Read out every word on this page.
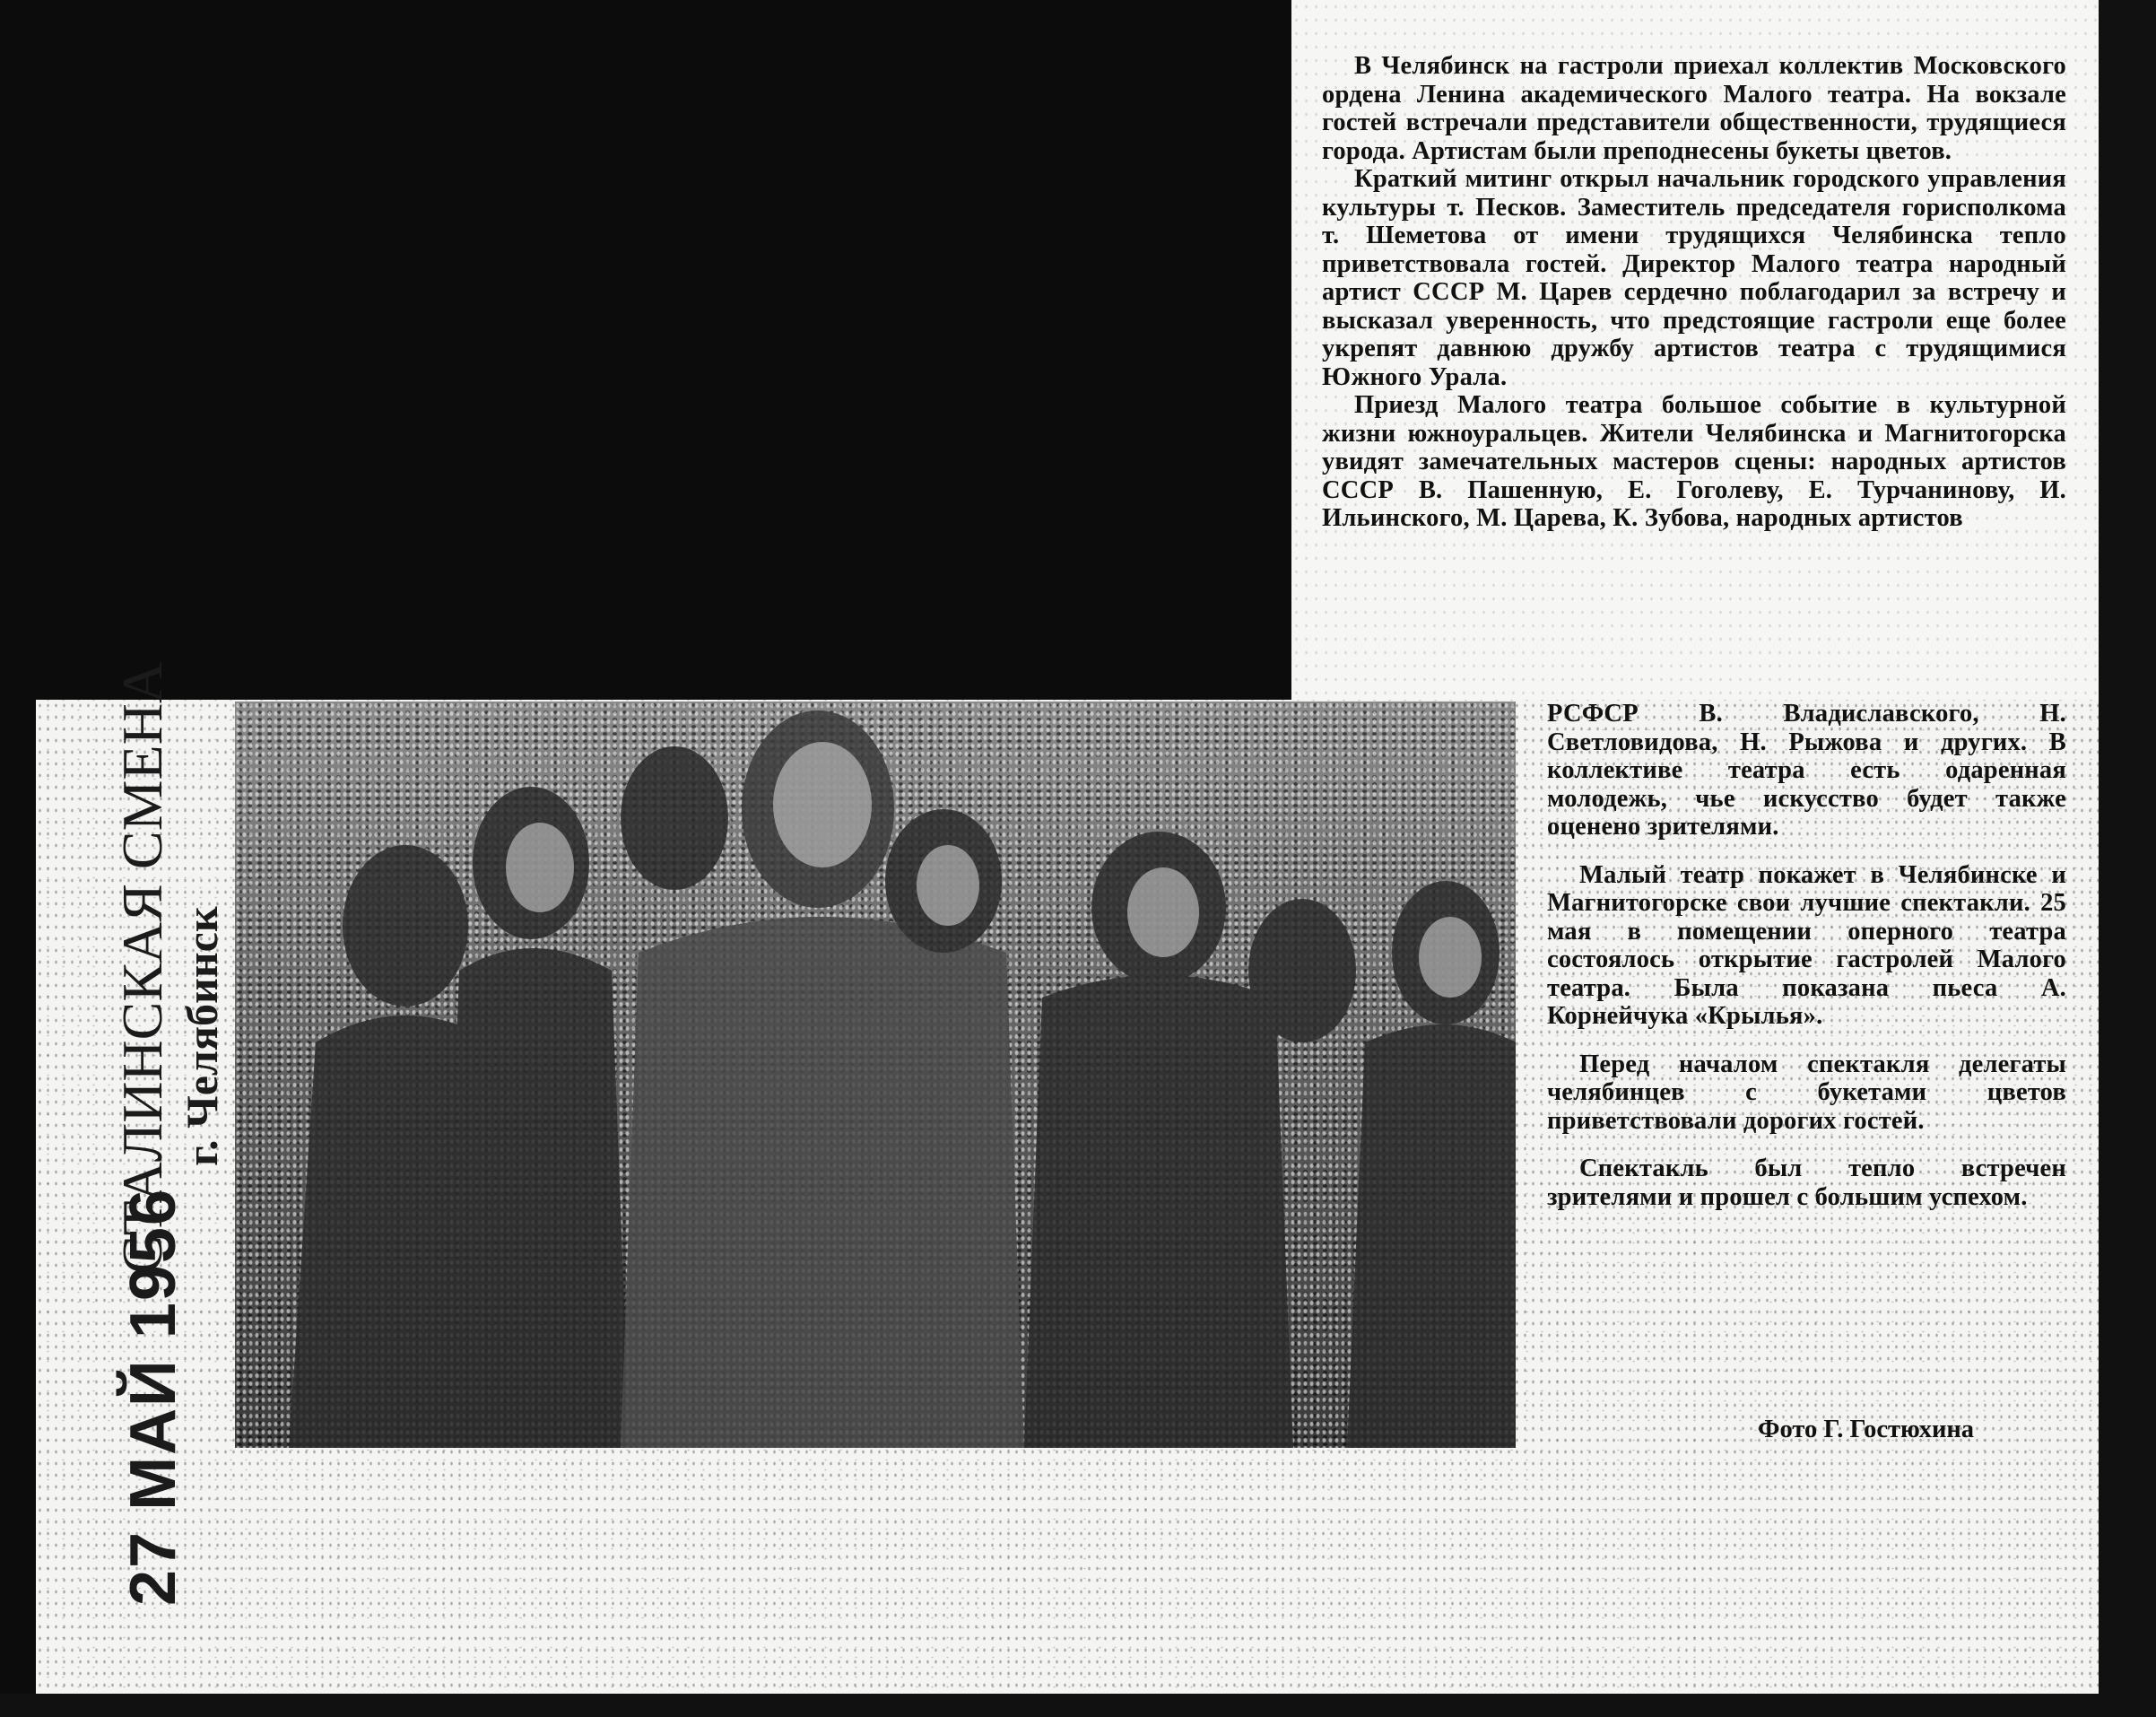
В Челябинск на гастроли приехал коллектив Московского ордена Ленина академического Малого театра. На вокзале гостей встречали представители общественности, трудящиеся города. Артистам были преподнесены букеты цветов.

Краткий митинг открыл начальник городского управления культуры т. Песков. Заместитель председателя горисполкома т. Шеметова от имени трудящихся Челябинска тепло приветствовала гостей. Директор Малого театра народный артист СССР М. Царев сердечно поблагодарил за встречу и высказал уверенность, что предстоящие гастроли еще более укрепят давнюю дружбу артистов театра с трудящимися Южного Урала.

Приезд Малого театра большое событие в культурной жизни южноуральцев. Жители Челябинска и Магнитогорска увидят замечательных мастеров сцены: народных артистов СССР В. Пашенную, Е. Гоголеву, Е. Турчанинову, И. Ильинского, М. Царева, К. Зубова, народных артистов

РСФСР В. Владиславского, Н. Светловидова, Н. Рыжова и других. В коллективе театра есть одаренная молодежь, чье искусство будет также оценено зрителями.

Малый театр покажет в Челябинске и Магнитогорске свои лучшие спектакли. 25 мая в помещении оперного театра состоялось открытие гастролей Малого театра. Была показана пьеса А. Корнейчука «Крылья».

Перед началом спектакля делегаты челябинцев с букетами цветов приветствовали дорогих гостей.

Спектакль был тепло встречен зрителями и прошел с большим успехом.

Фото Г. Гостюхина
27 МАЙ 1956
СТАЛИНСКАЯ СМЕНА г. Челябинск
